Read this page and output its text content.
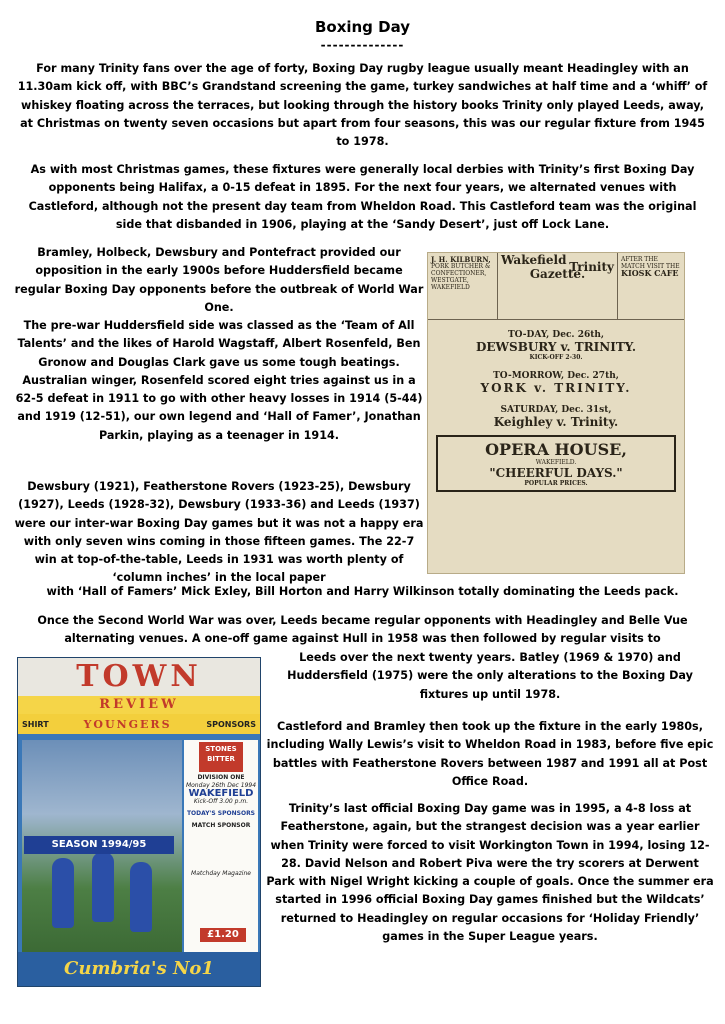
Boxing Day
--------------
For many Trinity fans over the age of forty, Boxing Day rugby league usually meant Headingley with an 11.30am kick off, with BBC’s Grandstand screening the game, turkey sandwiches at half time and a ‘whiff’ of whiskey floating across the terraces, but looking through the history books Trinity only played Leeds, away, at Christmas on twenty seven occasions but apart from four seasons, this was our regular fixture from 1945 to 1978.
As with most Christmas games, these fixtures were generally local derbies with Trinity’s first Boxing Day opponents being Halifax, a 0-15 defeat in 1895. For the next four years, we alternated venues with Castleford, although not the present day team from Wheldon Road. This Castleford team was the original side that disbanded in 1906, playing at the ‘Sandy Desert’, just off Lock Lane.
Bramley, Holbeck, Dewsbury and Pontefract provided our opposition in the early 1900s before Huddersfield became regular Boxing Day opponents before the outbreak of World War One.
The pre-war Huddersfield side was classed as the ‘Team of All Talents’ and the likes of Harold Wagstaff, Albert Rosenfeld, Ben Gronow and Douglas Clark gave us some tough beatings. Australian winger, Rosenfeld scored eight tries against us in a 62-5 defeat in 1911 to go with other heavy losses in 1914 (5-44) and 1919 (12-51), our own legend and ‘Hall of Famer’, Jonathan Parkin, playing as a teenager in 1914.
Dewsbury (1921), Featherstone Rovers (1923-25), Dewsbury (1927), Leeds (1928-32), Dewsbury (1933-36) and Leeds (1937) were our inter-war Boxing Day games but it was not a happy era with only seven wins coming in those fifteen games. The 22-7 win at top-of-the-table, Leeds in 1931 was worth plenty of ‘column inches’ in the local paper
with ‘Hall of Famers’ Mick Exley, Bill Horton and Harry Wilkinson totally dominating the Leeds pack.
Once the Second World War was over, Leeds became regular opponents with Headingley and Belle Vue alternating venues. A one-off game against Hull in 1958 was then followed by regular visits to
Leeds over the next twenty years. Batley (1969 & 1970) and Huddersfield (1975) were the only alterations to the Boxing Day fixtures up until 1978.
Castleford and Bramley then took up the fixture in the early 1980s, including Wally Lewis’s visit to Wheldon Road in 1983, before five epic battles with Featherstone Rovers between 1987 and 1991 all at Post Office Road.
Trinity’s last official Boxing Day game was in 1995, a 4-8 loss at Featherstone, again, but the strangest decision was a year earlier when Trinity were forced to visit Workington Town in 1994, losing 12-28. David Nelson and Robert Piva were the try scorers at Derwent Park with Nigel Wright kicking a couple of goals. Once the summer era started in 1996 official Boxing Day games finished but the Wildcats’ returned to Headingley on regular occasions for ‘Holiday Friendly’ games in the Super League years.
J. H. KILBURN,
PORK BUTCHER & CONFECTIONER, WESTGATE, WAKEFIELD
Wakefield Trinity
Gazette.
AFTER THE MATCH VISIT THE
KIOSK CAFE
TO-DAY, Dec. 26th,
DEWSBURY v. TRINITY.
KICK-OFF 2-30.
TO-MORROW, Dec. 27th,
YORK v. TRINITY.
SATURDAY, Dec. 31st,
Keighley v. Trinity.
OPERA HOUSE,
WAKEFIELD.
"CHEERFUL DAYS."
POPULAR PRICES.
TOWN
REVIEW
SHIRT	YOUNGERS	SPONSORS
SEASON 1994/95
STONES BITTER
DIVISION ONE
Monday 26th Dec 1994
WAKEFIELD
Kick-Off 3.00 p.m.
TODAY'S SPONSORS
MATCH SPONSOR
Matchday Magazine
£1.20
Cumbria's No1
